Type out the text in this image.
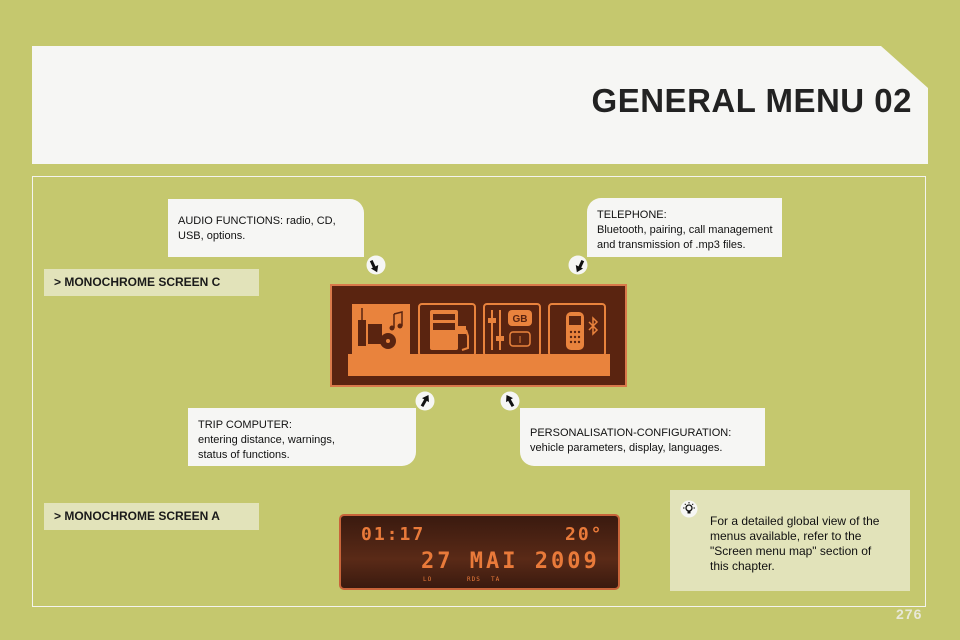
GENERAL MENU 02
AUDIO FUNCTIONS: radio, CD,
USB, options.
TELEPHONE:
Bluetooth, pairing, call management
and transmission of .mp3 files.
TRIP COMPUTER:
entering distance, warnings,
status of functions.
PERSONALISATION-CONFIGURATION:
vehicle parameters, display, languages.
> MONOCHROME SCREEN C
> MONOCHROME SCREEN A
GB
I
01:17	20°
27 MAI 2009
LO	RDS TA
For a detailed global view of the
menus available, refer to the
"Screen menu map" section of
this chapter.
276
